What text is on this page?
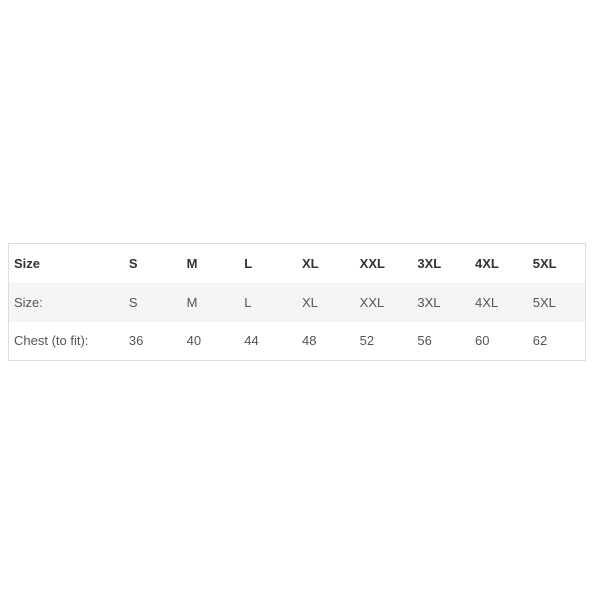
Size	S	M	L	XL	XXL	3XL	4XL	5XL
Size:	S	M	L	XL	XXL	3XL	4XL	5XL
Chest (to fit):	36	40	44	48	52	56	60	62
